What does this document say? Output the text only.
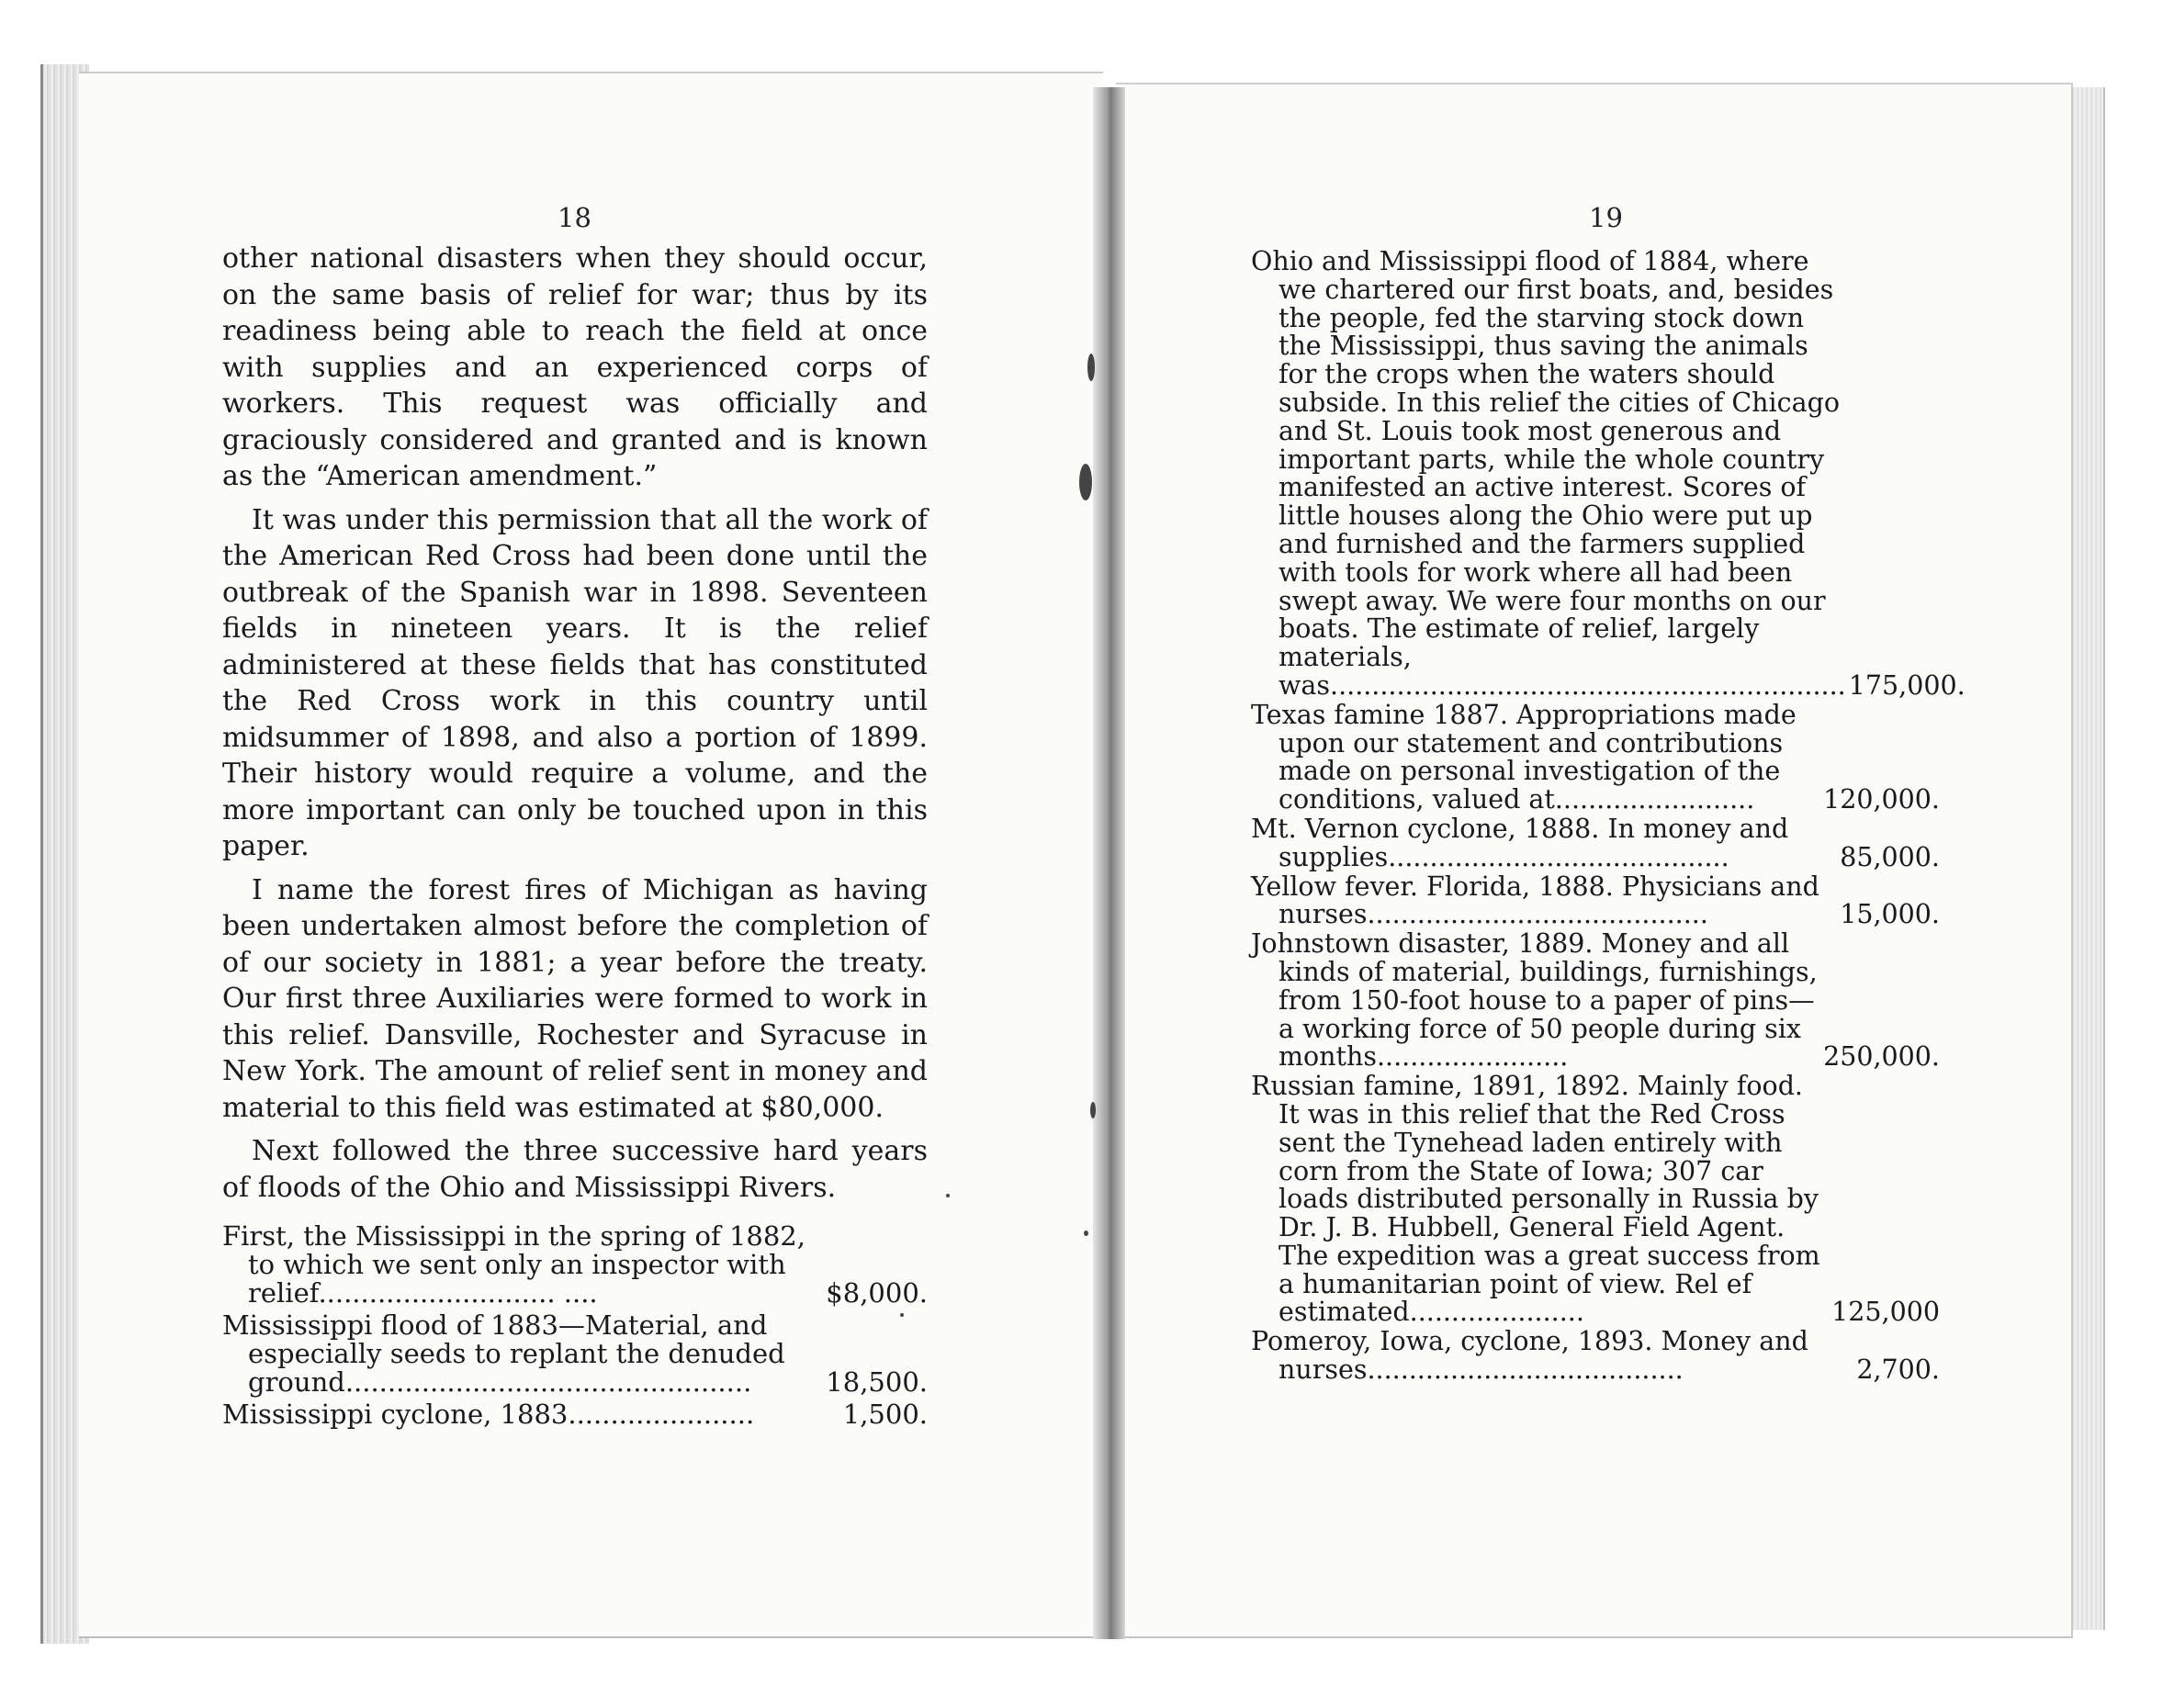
18

other national disasters when they should occur, on the same basis of relief for war; thus by its readiness being able to reach the field at once with supplies and an experienced corps of workers. This request was officially and graciously considered and granted and is known as the “American amendment.”

It was under this permission that all the work of the American Red Cross had been done until the outbreak of the Spanish war in 1898. Seventeen fields in nineteen years. It is the relief administered at these fields that has constituted the Red Cross work in this country until midsummer of 1898, and also a portion of 1899. Their history would require a volume, and the more important can only be touched upon in this paper.

I name the forest fires of Michigan as having been undertaken almost before the completion of of our society in 1881; a year before the treaty. Our first three Auxiliaries were formed to work in this relief. Dansville, Rochester and Syracuse in New York. The amount of relief sent in money and material to this field was estimated at $80,000.

Next followed the three successive hard years of floods of the Ohio and Mississippi Rivers.

First, the Mississippi in the spring of 1882, to which we sent only an inspector with relief............................ ....	$8,000.
Mississippi flood of 1883—Material, and especially seeds to replant the denuded ground................................................	18,500.
Mississippi cyclone, 1883......................	1,500.
19
Ohio and Mississippi flood of 1884, where we chartered our first boats, and, besides the people, fed the starving stock down the Mississippi, thus saving the animals for the crops when the waters should subside. In this relief the cities of Chicago and St. Louis took most generous and important parts, while the whole country manifested an active interest. Scores of little houses along the Ohio were put up and furnished and the farmers supplied with tools for work where all had been swept away. We were four months on our boats. The estimate of relief, largely materials, was.............................................................. 175,000.
Texas famine 1887. Appropriations made upon our statement and contributions made on personal investigation of the conditions, valued at........................	120,000.
Mt. Vernon cyclone, 1888. In money and supplies.........................................	85,000.
Yellow fever. Florida, 1888. Physicians and nurses.........................................	15,000.
Johnstown disaster, 1889. Money and all kinds of material, buildings, furnishings, from 150-foot house to a paper of pins—a working force of 50 people during six months.......................	250,000.
Russian famine, 1891, 1892. Mainly food. It was in this relief that the Red Cross sent the Tynehead laden entirely with corn from the State of Iowa; 307 car loads distributed personally in Russia by Dr. J. B. Hubbell, General Field Agent. The expedition was a great success from a humanitarian point of view. Rel ef estimated.....................	125,000
Pomeroy, Iowa, cyclone, 1893. Money and nurses......................................	2,700.
